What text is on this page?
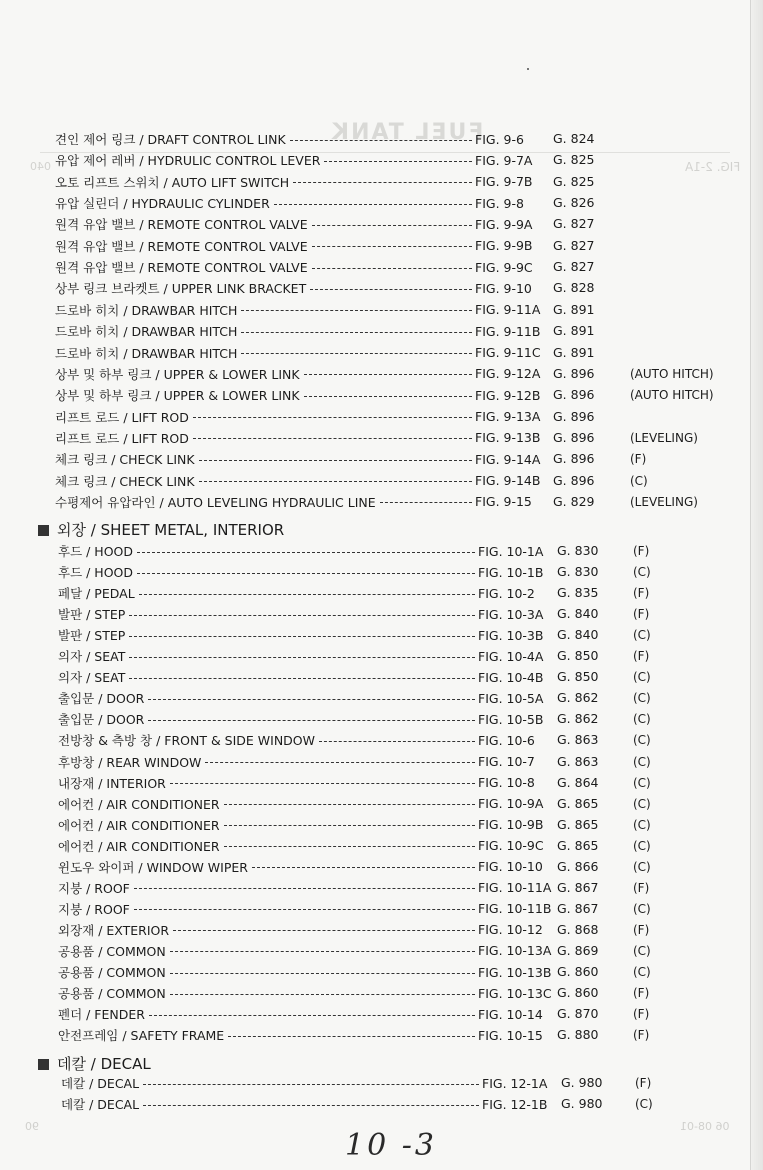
FUEL TANK
FIG. 2-1A
040
90	06 08-01
견인 제어 링크 / DRAFT CONTROL LINK	FIG. 9-6	G. 824
유압 제어 레버 / HYDRULIC CONTROL LEVER	FIG. 9-7A	G. 825
오토 리프트 스위치 / AUTO LIFT SWITCH	FIG. 9-7B	G. 825
유압 실린더 / HYDRAULIC CYLINDER	FIG. 9-8	G. 826
원격 유압 밸브 / REMOTE CONTROL VALVE	FIG. 9-9A	G. 827
원격 유압 밸브 / REMOTE CONTROL VALVE	FIG. 9-9B	G. 827
원격 유압 밸브 / REMOTE CONTROL VALVE	FIG. 9-9C	G. 827
상부 링크 브라켓트 / UPPER LINK BRACKET	FIG. 9-10	G. 828
드로바 히치 / DRAWBAR HITCH	FIG. 9-11A	G. 891
드로바 히치 / DRAWBAR HITCH	FIG. 9-11B	G. 891
드로바 히치 / DRAWBAR HITCH	FIG. 9-11C G. 891
상부 및 하부 링크 / UPPER & LOWER LINK	FIG. 9-12A	G. 896	(AUTO HITCH)
상부 및 하부 링크 / UPPER & LOWER LINK	FIG. 9-12B	G. 896	(AUTO HITCH)
리프트 로드 / LIFT ROD	FIG. 9-13A	G. 896
리프트 로드 / LIFT ROD	FIG. 9-13B	G. 896	(LEVELING)
체크 링크 / CHECK LINK	FIG. 9-14A	G. 896	(F)
체크 링크 / CHECK LINK	FIG. 9-14B	G. 896	(C)
수평제어 유압라인 / AUTO LEVELING HYDRAULIC LINE	FIG. 9-15	G. 829	(LEVELING)
후드 / HOOD	FIG. 10-1A	G. 830	(F)
후드 / HOOD	FIG. 10-1B	G. 830	(C)
페달 / PEDAL	FIG. 10-2	G. 835	(F)
발판 / STEP	FIG. 10-3A	G. 840	(F)
발판 / STEP	FIG. 10-3B	G. 840	(C)
의자 / SEAT	FIG. 10-4A	G. 850	(F)
의자 / SEAT	FIG. 10-4B	G. 850	(C)
출입문 / DOOR	FIG. 10-5A	G. 862	(C)
출입문 / DOOR	FIG. 10-5B	G. 862	(C)
전방창 & 측방 창 / FRONT & SIDE WINDOW	FIG. 10-6	G. 863	(C)
후방창 / REAR WINDOW	FIG. 10-7	G. 863	(C)
내장재 / INTERIOR	FIG. 10-8	G. 864	(C)
에어컨 / AIR CONDITIONER	FIG. 10-9A	G. 865	(C)
에어컨 / AIR CONDITIONER	FIG. 10-9B	G. 865	(C)
에어컨 / AIR CONDITIONER	FIG. 10-9C	G. 865	(C)
윈도우 와이퍼 / WINDOW WIPER	FIG. 10-10	G. 866	(C)
지붕 / ROOF	FIG. 10-11A G. 867	(F)
지붕 / ROOF	FIG. 10-11B G. 867	(C)
외장재 / EXTERIOR	FIG. 10-12	G. 868	(F)
공용품 / COMMON	FIG. 10-13A G. 869	(C)
공용품 / COMMON	FIG. 10-13B G. 860	(C)
공용품 / COMMON	FIG. 10-13C G. 860	(F)
펜더 / FENDER	FIG. 10-14	G. 870	(F)
안전프레임 / SAFETY FRAME	FIG. 10-15	G. 880	(F)
데칼 / DECAL	FIG. 12-1A	G. 980	(F)
데칼 / DECAL	FIG. 12-1B	G. 980	(C)
외장 / SHEET METAL, INTERIOR
데칼 / DECAL
10 -3
